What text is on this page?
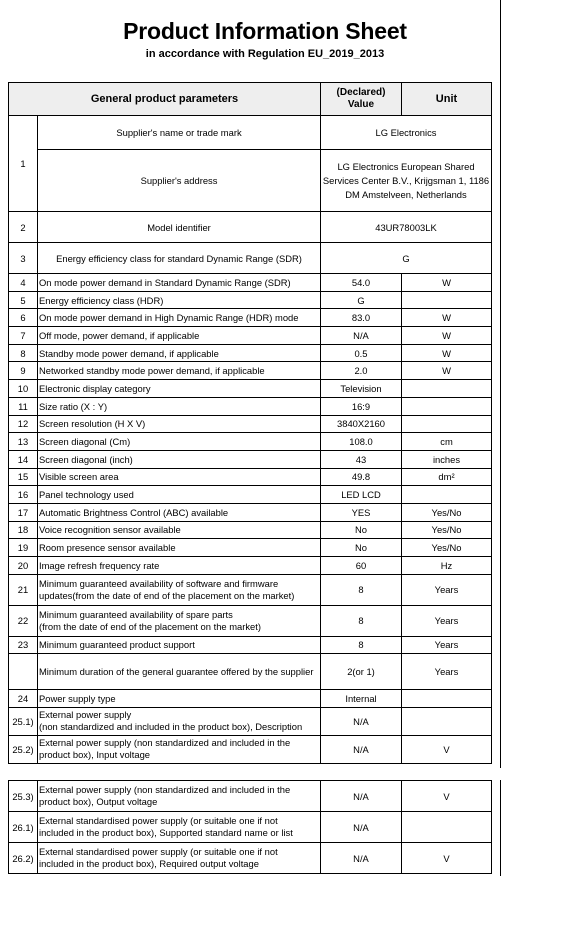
Product Information Sheet
in accordance with Regulation EU_2019_2013
General product parameters		(Declared)
Value	Unit
1	Supplier's name or trade mark	LG Electronics	
	Supplier's address	LG Electronics European Shared
Services Center B.V., Krijgsman 1, 1186
DM Amstelveen, Netherlands	

2	Model identifier	43UR78003LK	
3	Energy efficiency class for standard Dynamic Range (SDR)	G	
4	On mode power demand in Standard Dynamic Range (SDR)	54.0	W
5	Energy efficiency class (HDR)	G	
6	On mode power demand in High Dynamic Range (HDR) mode	83.0	W
7	Off mode, power demand, if applicable	N/A	W
8	Standby mode power demand, if applicable	0.5	W
9	Networked standby mode power demand, if applicable	2.0	W
10	Electronic display category	Television	
11	Size ratio (X : Y)	16:9	
12	Screen resolution (H X V)	3840X2160	
13	Screen diagonal (Cm)	108.0	cm
14	Screen diagonal (inch)	43	inches
15	Visible screen area	49.8	dm²
16	Panel technology used	LED LCD	
17	Automatic Brightness Control (ABC) available	YES	Yes/No
18	Voice recognition sensor available	No	Yes/No
19	Room presence sensor available	No	Yes/No
20	Image refresh frequency rate	60	Hz
21	Minimum guaranteed availability of software and firmware
updates(from the date of end of the placement on the market)	8	Years
22	Minimum guaranteed availability of spare parts
(from the date of end of the placement on the market)	8	Years
23	Minimum guaranteed product support	8	Years
	Minimum duration of the general guarantee offered by the supplier	2(or 1)	Years
24	Power supply type	Internal	
25.1)	External power supply
(non standardized and included in the product box), Description	N/A	
25.2)	External power supply (non standardized and included in the
product box), Input voltage	N/A	V
25.3)	External power supply (non standardized and included in the
product box), Output voltage	N/A	V
26.1)	External standardised power supply (or suitable one if not
included in the product box), Supported standard name or list	N/A	
26.2)	External standardised power supply (or suitable one if not
included in the product box), Required output voltage	N/A	V
